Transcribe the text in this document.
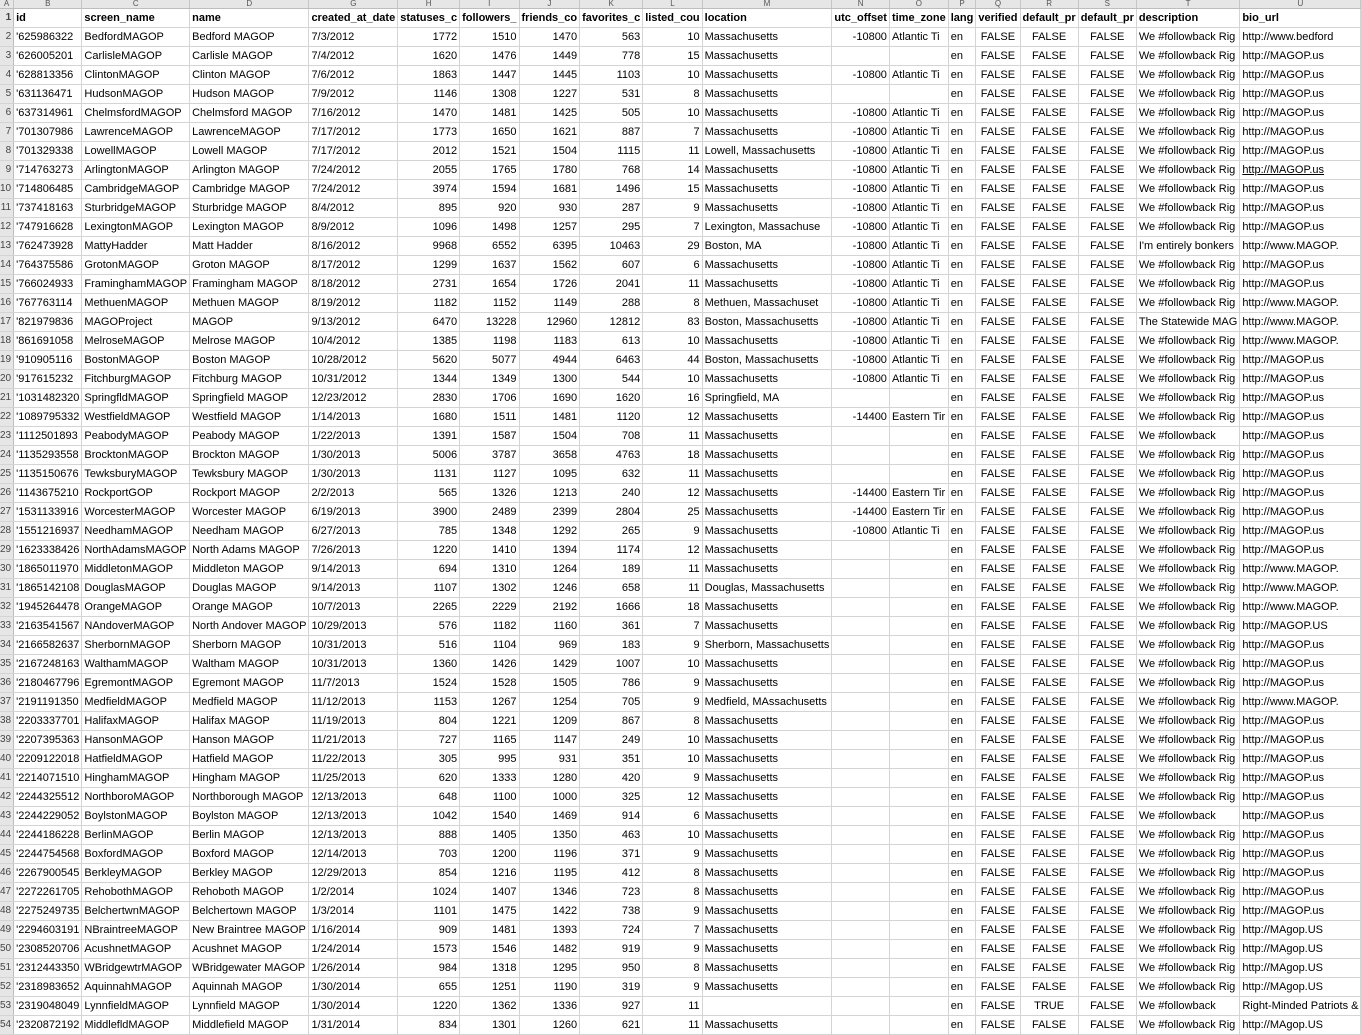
A	B	C	D	G	H	I	J	K	L	M	N	O	P	Q	R	S	T	U
1	id	screen_name	name	created_at_date	statuses_c	followers_	friends_co	favorites_c	listed_cou	location	utc_offset	time_zone	lang	verified	default_pr	default_pr	description	bio_url
2	'625986322	BedfordMAGOP	Bedford MAGOP	7/3/2012	1772	1510	1470	563	10	Massachusetts	-10800	Atlantic Ti	en	FALSE	FALSE	FALSE	We #followback Rig	http://www.bedford
3	'626005201	CarlisleMAGOP	Carlisle MAGOP	7/4/2012	1620	1476	1449	778	15	Massachusetts			en	FALSE	FALSE	FALSE	We #followback Rig	http://MAGOP.us
4	'628813356	ClintonMAGOP	Clinton MAGOP	7/6/2012	1863	1447	1445	1103	10	Massachusetts	-10800	Atlantic Ti	en	FALSE	FALSE	FALSE	We #followback Rig	http://MAGOP.us
5	'631136471	HudsonMAGOP	Hudson MAGOP	7/9/2012	1146	1308	1227	531	8	Massachusetts			en	FALSE	FALSE	FALSE	We #followback Rig	http://MAGOP.us
6	'637314961	ChelmsfordMAGOP	Chelmsford MAGOP	7/16/2012	1470	1481	1425	505	10	Massachusetts	-10800	Atlantic Ti	en	FALSE	FALSE	FALSE	We #followback Rig	http://MAGOP.us
7	'701307986	LawrenceMAGOP	LawrenceMAGOP	7/17/2012	1773	1650	1621	887	7	Massachusetts	-10800	Atlantic Ti	en	FALSE	FALSE	FALSE	We #followback Rig	http://MAGOP.us
8	'701329338	LowellMAGOP	Lowell MAGOP	7/17/2012	2012	1521	1504	1115	11	Lowell, Massachusetts	-10800	Atlantic Ti	en	FALSE	FALSE	FALSE	We #followback Rig	http://MAGOP.us
9	'714763273	ArlingtonMAGOP	Arlington MAGOP	7/24/2012	2055	1765	1780	768	14	Massachusetts	-10800	Atlantic Ti	en	FALSE	FALSE	FALSE	We #followback Rig	http://MAGOP.us
10	'714806485	CambridgeMAGOP	Cambridge MAGOP	7/24/2012	3974	1594	1681	1496	15	Massachusetts	-10800	Atlantic Ti	en	FALSE	FALSE	FALSE	We #followback Rig	http://MAGOP.us
11	'737418163	SturbridgeMAGOP	Sturbridge MAGOP	8/4/2012	895	920	930	287	9	Massachusetts	-10800	Atlantic Ti	en	FALSE	FALSE	FALSE	We #followback Rig	http://MAGOP.us
12	'747916628	LexingtonMAGOP	Lexington MAGOP	8/9/2012	1096	1498	1257	295	7	Lexington, Massachuse	-10800	Atlantic Ti	en	FALSE	FALSE	FALSE	We #followback Rig	http://MAGOP.us
13	'762473928	MattyHadder	Matt Hadder	8/16/2012	9968	6552	6395	10463	29	Boston, MA	-10800	Atlantic Ti	en	FALSE	FALSE	FALSE	I'm entirely bonkers	http://www.MAGOP.
14	'764375586	GrotonMAGOP	Groton MAGOP	8/17/2012	1299	1637	1562	607	6	Massachusetts	-10800	Atlantic Ti	en	FALSE	FALSE	FALSE	We #followback Rig	http://MAGOP.us
15	'766024933	FraminghamMAGOP	Framingham MAGOP	8/18/2012	2731	1654	1726	2041	11	Massachusetts	-10800	Atlantic Ti	en	FALSE	FALSE	FALSE	We #followback Rig	http://MAGOP.us
16	'767763114	MethuenMAGOP	Methuen MAGOP	8/19/2012	1182	1152	1149	288	8	Methuen, Massachuset	-10800	Atlantic Ti	en	FALSE	FALSE	FALSE	We #followback Rig	http://www.MAGOP.
17	'821979836	MAGOProject	MAGOP	9/13/2012	6470	13228	12960	12812	83	Boston, Massachusetts	-10800	Atlantic Ti	en	FALSE	FALSE	FALSE	The Statewide MAG	http://www.MAGOP.
18	'861691058	MelroseMAGOP	Melrose MAGOP	10/4/2012	1385	1198	1183	613	10	Massachusetts	-10800	Atlantic Ti	en	FALSE	FALSE	FALSE	We #followback Rig	http://www.MAGOP.
19	'910905116	BostonMAGOP	Boston MAGOP	10/28/2012	5620	5077	4944	6463	44	Boston, Massachusetts	-10800	Atlantic Ti	en	FALSE	FALSE	FALSE	We #followback Rig	http://MAGOP.us
20	'917615232	FitchburgMAGOP	Fitchburg MAGOP	10/31/2012	1344	1349	1300	544	10	Massachusetts	-10800	Atlantic Ti	en	FALSE	FALSE	FALSE	We #followback Rig	http://MAGOP.us
21	'1031482320	SpringfldMAGOP	Springfield MAGOP	12/23/2012	2830	1706	1690	1620	16	Springfield, MA			en	FALSE	FALSE	FALSE	We #followback Rig	http://MAGOP.us
22	'1089795332	WestfieldMAGOP	Westfield MAGOP	1/14/2013	1680	1511	1481	1120	12	Massachusetts	-14400	Eastern Tir	en	FALSE	FALSE	FALSE	We #followback Rig	http://MAGOP.us
23	'1112501893	PeabodyMAGOP	Peabody MAGOP	1/22/2013	1391	1587	1504	708	11	Massachusetts			en	FALSE	FALSE	FALSE	We #followback	http://MAGOP.us
24	'1135293558	BrocktonMAGOP	Brockton MAGOP	1/30/2013	5006	3787	3658	4763	18	Massachusetts			en	FALSE	FALSE	FALSE	We #followback Rig	http://MAGOP.us
25	'1135150676	TewksburyMAGOP	Tewksbury MAGOP	1/30/2013	1131	1127	1095	632	11	Massachusetts			en	FALSE	FALSE	FALSE	We #followback Rig	http://MAGOP.us
26	'1143675210	RockportGOP	Rockport MAGOP	2/2/2013	565	1326	1213	240	12	Massachusetts	-14400	Eastern Tir	en	FALSE	FALSE	FALSE	We #followback Rig	http://MAGOP.us
27	'1531133916	WorcesterMAGOP	Worcester MAGOP	6/19/2013	3900	2489	2399	2804	25	Massachusetts	-14400	Eastern Tir	en	FALSE	FALSE	FALSE	We #followback Rig	http://MAGOP.us
28	'1551216937	NeedhamMAGOP	Needham MAGOP	6/27/2013	785	1348	1292	265	9	Massachusetts	-10800	Atlantic Ti	en	FALSE	FALSE	FALSE	We #followback Rig	http://MAGOP.us
29	'1623338426	NorthAdamsMAGOP	North Adams MAGOP	7/26/2013	1220	1410	1394	1174	12	Massachusetts			en	FALSE	FALSE	FALSE	We #followback Rig	http://MAGOP.us
30	'1865011970	MiddletonMAGOP	Middleton MAGOP	9/14/2013	694	1310	1264	189	11	Massachusetts			en	FALSE	FALSE	FALSE	We #followback Rig	http://www.MAGOP.
31	'1865142108	DouglasMAGOP	Douglas MAGOP	9/14/2013	1107	1302	1246	658	11	Douglas, Massachusetts			en	FALSE	FALSE	FALSE	We #followback Rig	http://www.MAGOP.
32	'1945264478	OrangeMAGOP	Orange MAGOP	10/7/2013	2265	2229	2192	1666	18	Massachusetts			en	FALSE	FALSE	FALSE	We #followback Rig	http://www.MAGOP.
33	'2163541567	NAndoverMAGOP	North Andover MAGOP	10/29/2013	576	1182	1160	361	7	Massachusetts			en	FALSE	FALSE	FALSE	We #followback Rig	http://MAGOP.US
34	'2166582637	SherbornMAGOP	Sherborn MAGOP	10/31/2013	516	1104	969	183	9	Sherborn, Massachusetts			en	FALSE	FALSE	FALSE	We #followback Rig	http://MAGOP.us
35	'2167248163	WalthamMAGOP	Waltham MAGOP	10/31/2013	1360	1426	1429	1007	10	Massachusetts			en	FALSE	FALSE	FALSE	We #followback Rig	http://MAGOP.us
36	'2180467796	EgremontMAGOP	Egremont MAGOP	11/7/2013	1524	1528	1505	786	9	Massachusetts			en	FALSE	FALSE	FALSE	We #followback Rig	http://MAGOP.us
37	'2191191350	MedfieldMAGOP	Medfield MAGOP	11/12/2013	1153	1267	1254	705	9	Medfield, MAssachusetts			en	FALSE	FALSE	FALSE	We #followback Rig	http://www.MAGOP.
38	'2203337701	HalifaxMAGOP	Halifax MAGOP	11/19/2013	804	1221	1209	867	8	Massachusetts			en	FALSE	FALSE	FALSE	We #followback Rig	http://MAGOP.us
39	'2207395363	HansonMAGOP	Hanson MAGOP	11/21/2013	727	1165	1147	249	10	Massachusetts			en	FALSE	FALSE	FALSE	We #followback Rig	http://MAGOP.us
40	'2209122018	HatfieldMAGOP	Hatfield MAGOP	11/22/2013	305	995	931	351	10	Massachusetts			en	FALSE	FALSE	FALSE	We #followback Rig	http://MAGOP.us
41	'2214071510	HinghamMAGOP	Hingham MAGOP	11/25/2013	620	1333	1280	420	9	Massachusetts			en	FALSE	FALSE	FALSE	We #followback Rig	http://MAGOP.us
42	'2244325512	NorthboroMAGOP	Northborough MAGOP	12/13/2013	648	1100	1000	325	12	Massachusetts			en	FALSE	FALSE	FALSE	We #followback Rig	http://MAGOP.us
43	'2244229052	BoylstonMAGOP	Boylston MAGOP	12/13/2013	1042	1540	1469	914	6	Massachusetts			en	FALSE	FALSE	FALSE	We #followback	http://MAGOP.us
44	'2244186228	BerlinMAGOP	Berlin MAGOP	12/13/2013	888	1405	1350	463	10	Massachusetts			en	FALSE	FALSE	FALSE	We #followback Rig	http://MAGOP.us
45	'2244754568	BoxfordMAGOP	Boxford MAGOP	12/14/2013	703	1200	1196	371	9	Massachusetts			en	FALSE	FALSE	FALSE	We #followback Rig	http://MAGOP.us
46	'2267900545	BerkleyMAGOP	Berkley MAGOP	12/29/2013	854	1216	1195	412	8	Massachusetts			en	FALSE	FALSE	FALSE	We #followback Rig	http://MAGOP.us
47	'2272261705	RehobothMAGOP	Rehoboth MAGOP	1/2/2014	1024	1407	1346	723	8	Massachusetts			en	FALSE	FALSE	FALSE	We #followback Rig	http://MAGOP.us
48	'2275249735	BelchertwnMAGOP	Belchertown MAGOP	1/3/2014	1101	1475	1422	738	9	Massachusetts			en	FALSE	FALSE	FALSE	We #followback Rig	http://MAGOP.us
49	'2294603191	NBraintreeMAGOP	New Braintree MAGOP	1/16/2014	909	1481	1393	724	7	Massachusetts			en	FALSE	FALSE	FALSE	We #followback Rig	http://MAgop.US
50	'2308520706	AcushnetMAGOP	Acushnet MAGOP	1/24/2014	1573	1546	1482	919	9	Massachusetts			en	FALSE	FALSE	FALSE	We #followback Rig	http://MAgop.US
51	'2312443350	WBridgewtrMAGOP	WBridgewater MAGOP	1/26/2014	984	1318	1295	950	8	Massachusetts			en	FALSE	FALSE	FALSE	We #followback Rig	http://MAgop.US
52	'2318983652	AquinnahMAGOP	Aquinnah MAGOP	1/30/2014	655	1251	1190	319	9	Massachusetts			en	FALSE	FALSE	FALSE	We #followback Rig	http://MAgop.US
53	'2319048049	LynnfieldMAGOP	Lynnfield MAGOP	1/30/2014	1220	1362	1336	927	11				en	FALSE	TRUE	FALSE	We #followback	Right-Minded Patriots &
54	'2320872192	MiddlefldMAGOP	Middlefield MAGOP	1/31/2014	834	1301	1260	621	11	Massachusetts			en	FALSE	FALSE	FALSE	We #followback Rig	http://MAgop.US
